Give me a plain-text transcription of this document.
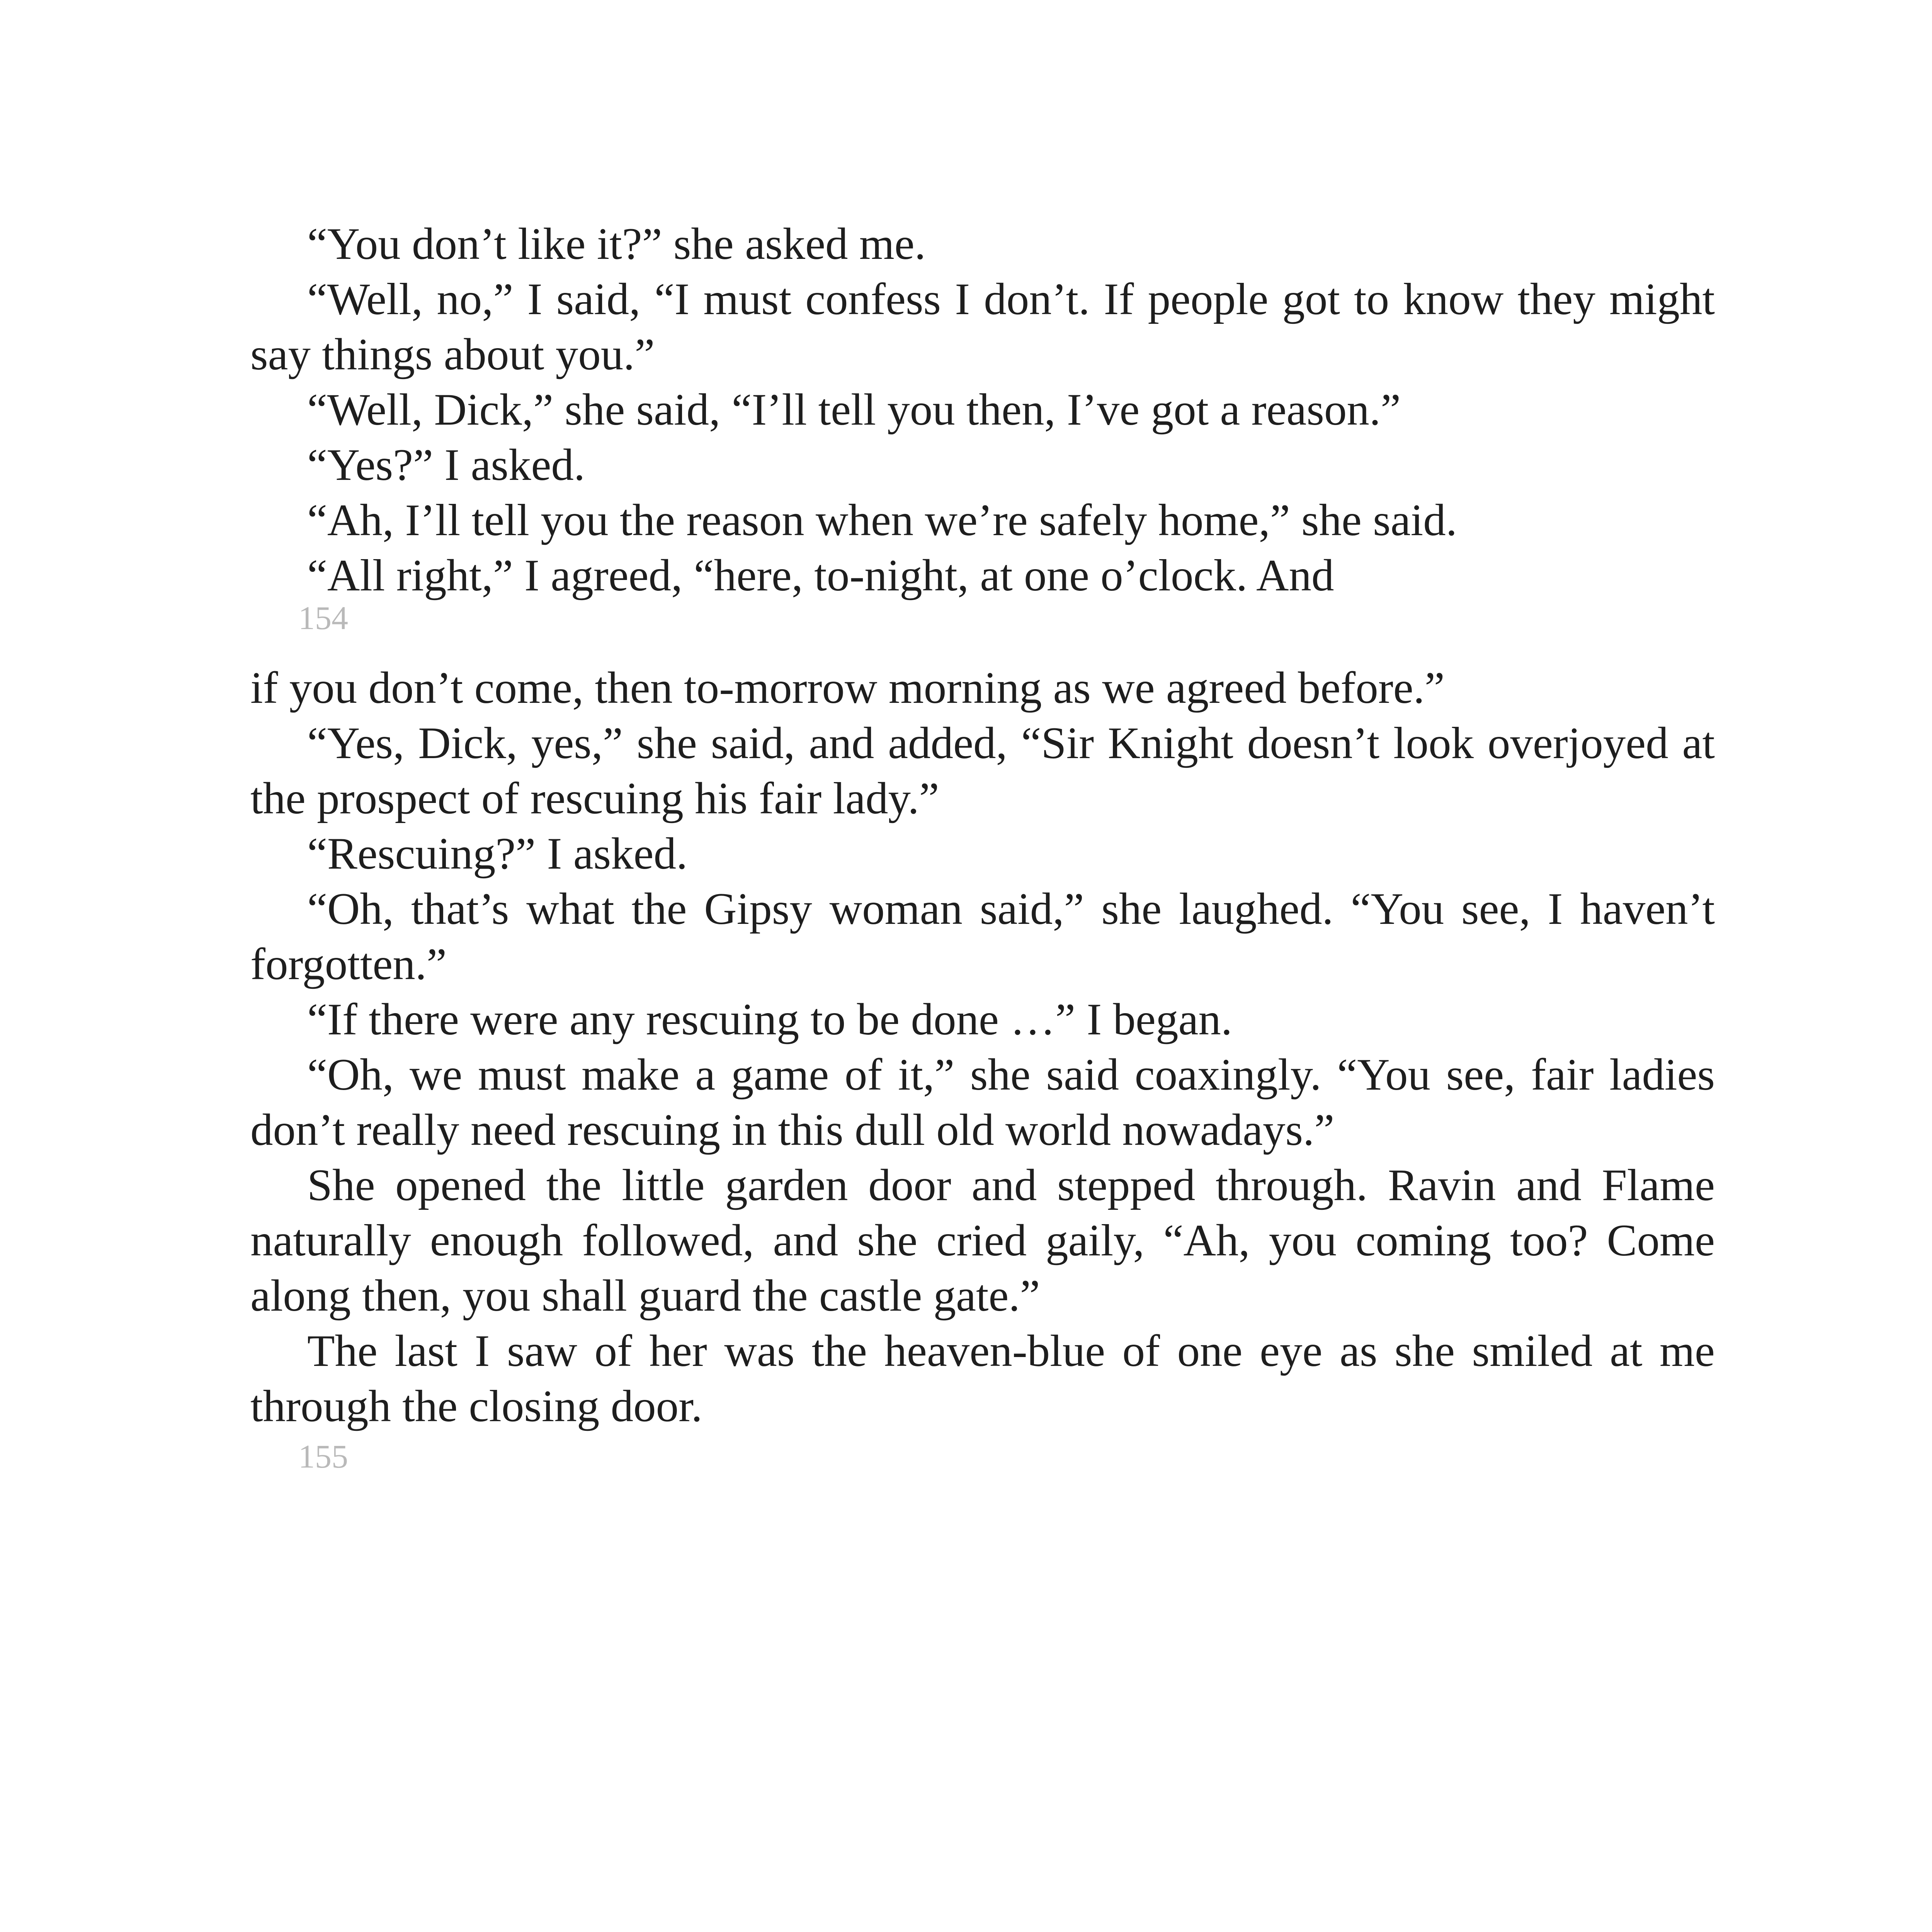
“You don’t like it?” she asked me.

“Well, no,” I said, “I must confess I don’t. If people got to know they might say things about you.”

“Well, Dick,” she said, “I’ll tell you then, I’ve got a reason.”

“Yes?” I asked.

“Ah, I’ll tell you the reason when we’re safely home,” she said.

“All right,” I agreed, “here, to-night, at one o’clock. And

154

if you don’t come, then to-morrow morning as we agreed before.”

“Yes, Dick, yes,” she said, and added, “Sir Knight doesn’t look overjoyed at the prospect of rescuing his fair lady.”

“Rescuing?” I asked.

“Oh, that’s what the Gipsy woman said,” she laughed. “You see, I haven’t forgotten.”

“If there were any rescuing to be done …” I began.

“Oh, we must make a game of it,” she said coaxingly. “You see, fair ladies don’t really need rescuing in this dull old world nowadays.”

She opened the little garden door and stepped through. Ravin and Flame naturally enough followed, and she cried gaily, “Ah, you coming too? Come along then, you shall guard the castle gate.”

The last I saw of her was the heaven-blue of one eye as she smiled at me through the closing door.

155
